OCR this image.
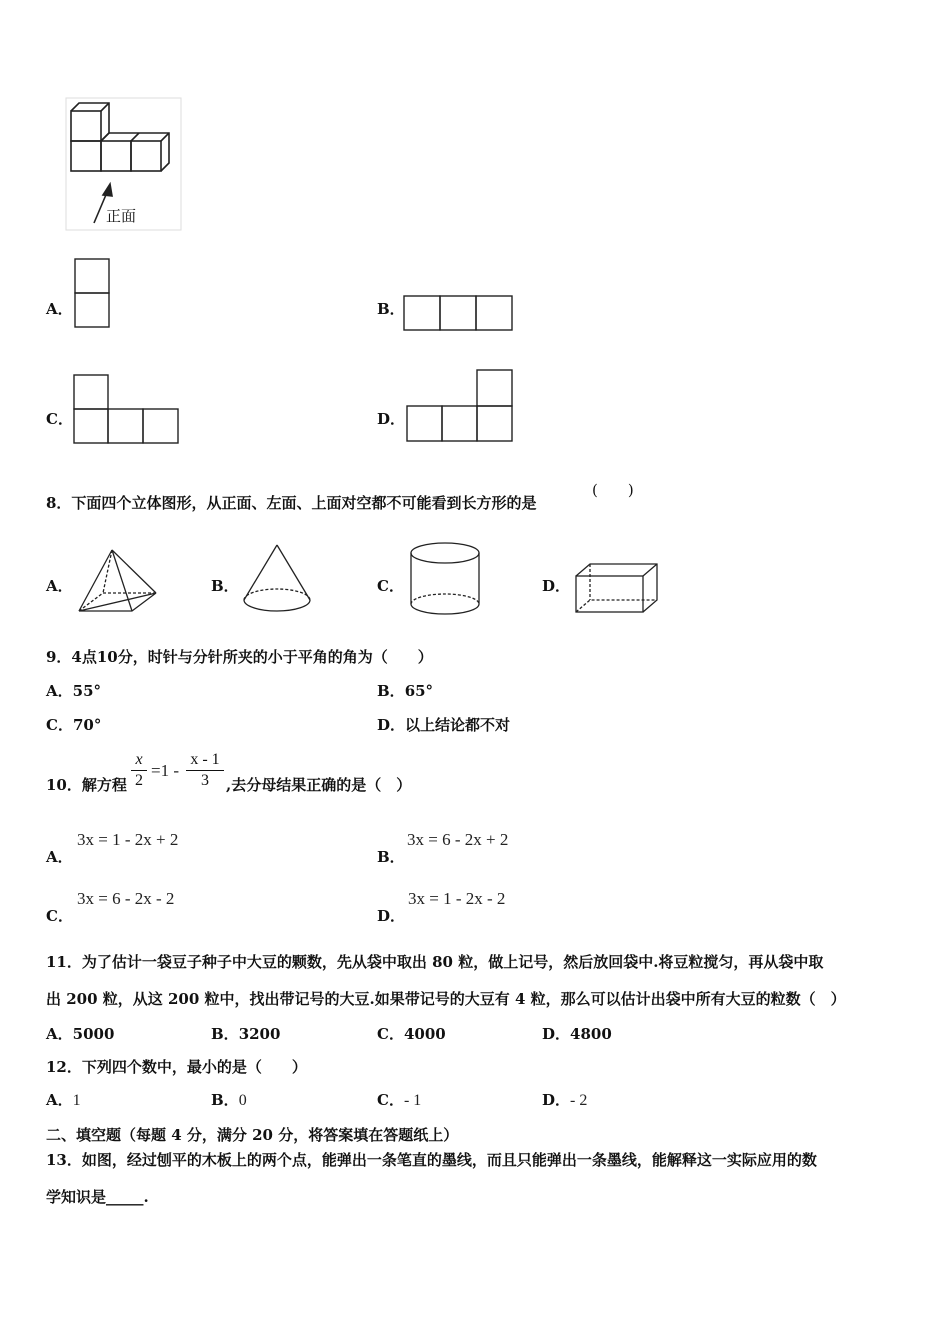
正面
A．	B．
C．	D．
8．下面四个立体图形，从正面、左面、上面对空都不可能看到长方形的是
(　　)
A．	B．	C．	D．
9．4点10分，时针与分针所夹的小于平角的角为（　　）
A．55°	B．65°
C．70°	D．以上结论都不对
10．解方程
x
2
=1 -
x - 1
3	,去分母结果正确的是（　）
A．
3x = 1 - 2x + 2
B．
3x = 6 - 2x + 2
C．
3x = 6 - 2x - 2
D．
3x = 1 - 2x - 2
11．为了估计一袋豆子种子中大豆的颗数，先从袋中取出 80 粒，做上记号，然后放回袋中.将豆粒搅匀，再从袋中取
出 200 粒，从这 200 粒中，找出带记号的大豆.如果带记号的大豆有 4 粒，那么可以估计出袋中所有大豆的粒数（　）
A．5000	B．3200	C．4000	D．4800
12．下列四个数中，最小的是（　　）
A．1	B．0	C．- 1	D．- 2
二、填空题（每题 4 分，满分 20 分，将答案填在答题纸上）
13．如图，经过刨平的木板上的两个点，能弹出一条笔直的墨线，而且只能弹出一条墨线，能解释这一实际应用的数
学知识是_____.
